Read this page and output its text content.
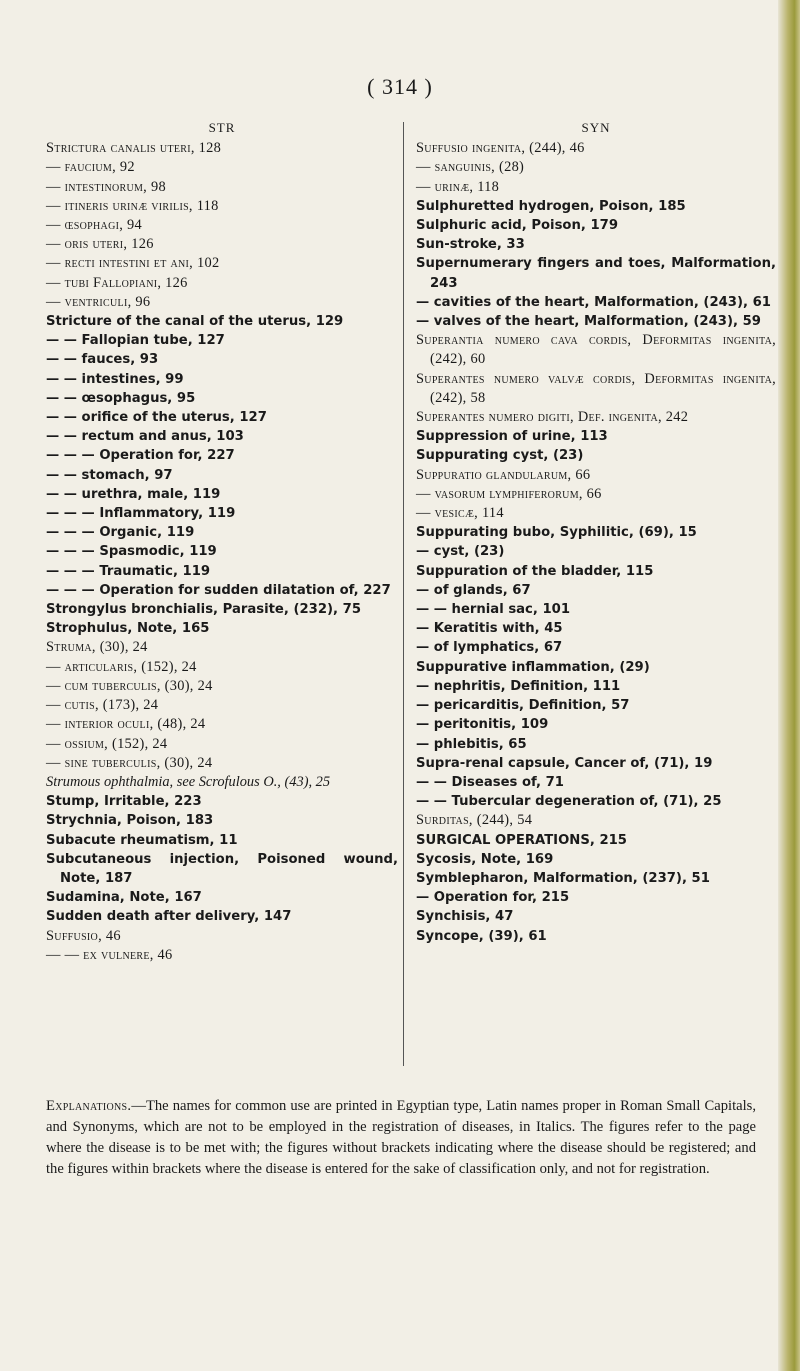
( 314 )
STR
Strictura canalis uteri, 128
— faucium, 92
— intestinorum, 98
— itineris urinæ virilis, 118
— œsophagi, 94
— oris uteri, 126
— recti intestini et ani, 102
— tubi Fallopiani, 126
— ventriculi, 96
Stricture of the canal of the uterus, 129
— — Fallopian tube, 127
— — fauces, 93
— — intestines, 99
— — œsophagus, 95
— — orifice of the uterus, 127
— — rectum and anus, 103
— — — Operation for, 227
— — stomach, 97
— — urethra, male, 119
— — — Inflammatory, 119
— — — Organic, 119
— — — Spasmodic, 119
— — — Traumatic, 119
— — — Operation for sudden dilatation of, 227
Strongylus bronchialis, Parasite, (232), 75
Strophulus, Note, 165
Struma, (30), 24
— articularis, (152), 24
— cum tuberculis, (30), 24
— cutis, (173), 24
— interior oculi, (48), 24
— ossium, (152), 24
— sine tuberculis, (30), 24
Strumous ophthalmia, see Scrofulous O., (43), 25
Stump, Irritable, 223
Strychnia, Poison, 183
Subacute rheumatism, 11
Subcutaneous injection, Poisoned wound, Note, 187
Sudamina, Note, 167
Sudden death after delivery, 147
Suffusio, 46
— — ex vulnere, 46
SYN
Suffusio ingenita, (244), 46
— sanguinis, (28)
— urinæ, 118
Sulphuretted hydrogen, Poison, 185
Sulphuric acid, Poison, 179
Sun-stroke, 33
Supernumerary fingers and toes, Malformation, 243
— cavities of the heart, Malformation, (243), 61
— valves of the heart, Malformation, (243), 59
Superantia numero cava cordis, Deformitas ingenita, (242), 60
Superantes numero valvæ cordis, Deformitas ingenita, (242), 58
Superantes numero digiti, Def. ingenita, 242
Suppression of urine, 113
Suppurating cyst, (23)
Suppuratio glandularum, 66
— vasorum lymphiferorum, 66
— vesicæ, 114
Suppurating bubo, Syphilitic, (69), 15
— cyst, (23)
Suppuration of the bladder, 115
— of glands, 67
— — hernial sac, 101
— Keratitis with, 45
— of lymphatics, 67
Suppurative inflammation, (29)
— nephritis, Definition, 111
— pericarditis, Definition, 57
— peritonitis, 109
— phlebitis, 65
Supra-renal capsule, Cancer of, (71), 19
— — Diseases of, 71
— — Tubercular degeneration of, (71), 25
Surditas, (244), 54
SURGICAL OPERATIONS, 215
Sycosis, Note, 169
Symblepharon, Malformation, (237), 51
— Operation for, 215
Synchisis, 47
Syncope, (39), 61
Explanations.—The names for common use are printed in Egyptian type, Latin names proper in Roman Small Capitals, and Synonyms, which are not to be employed in the registration of diseases, in Italics. The figures refer to the page where the disease is to be met with; the figures without brackets indicating where the disease should be registered; and the figures within brackets where the disease is entered for the sake of classification only, and not for registration.
